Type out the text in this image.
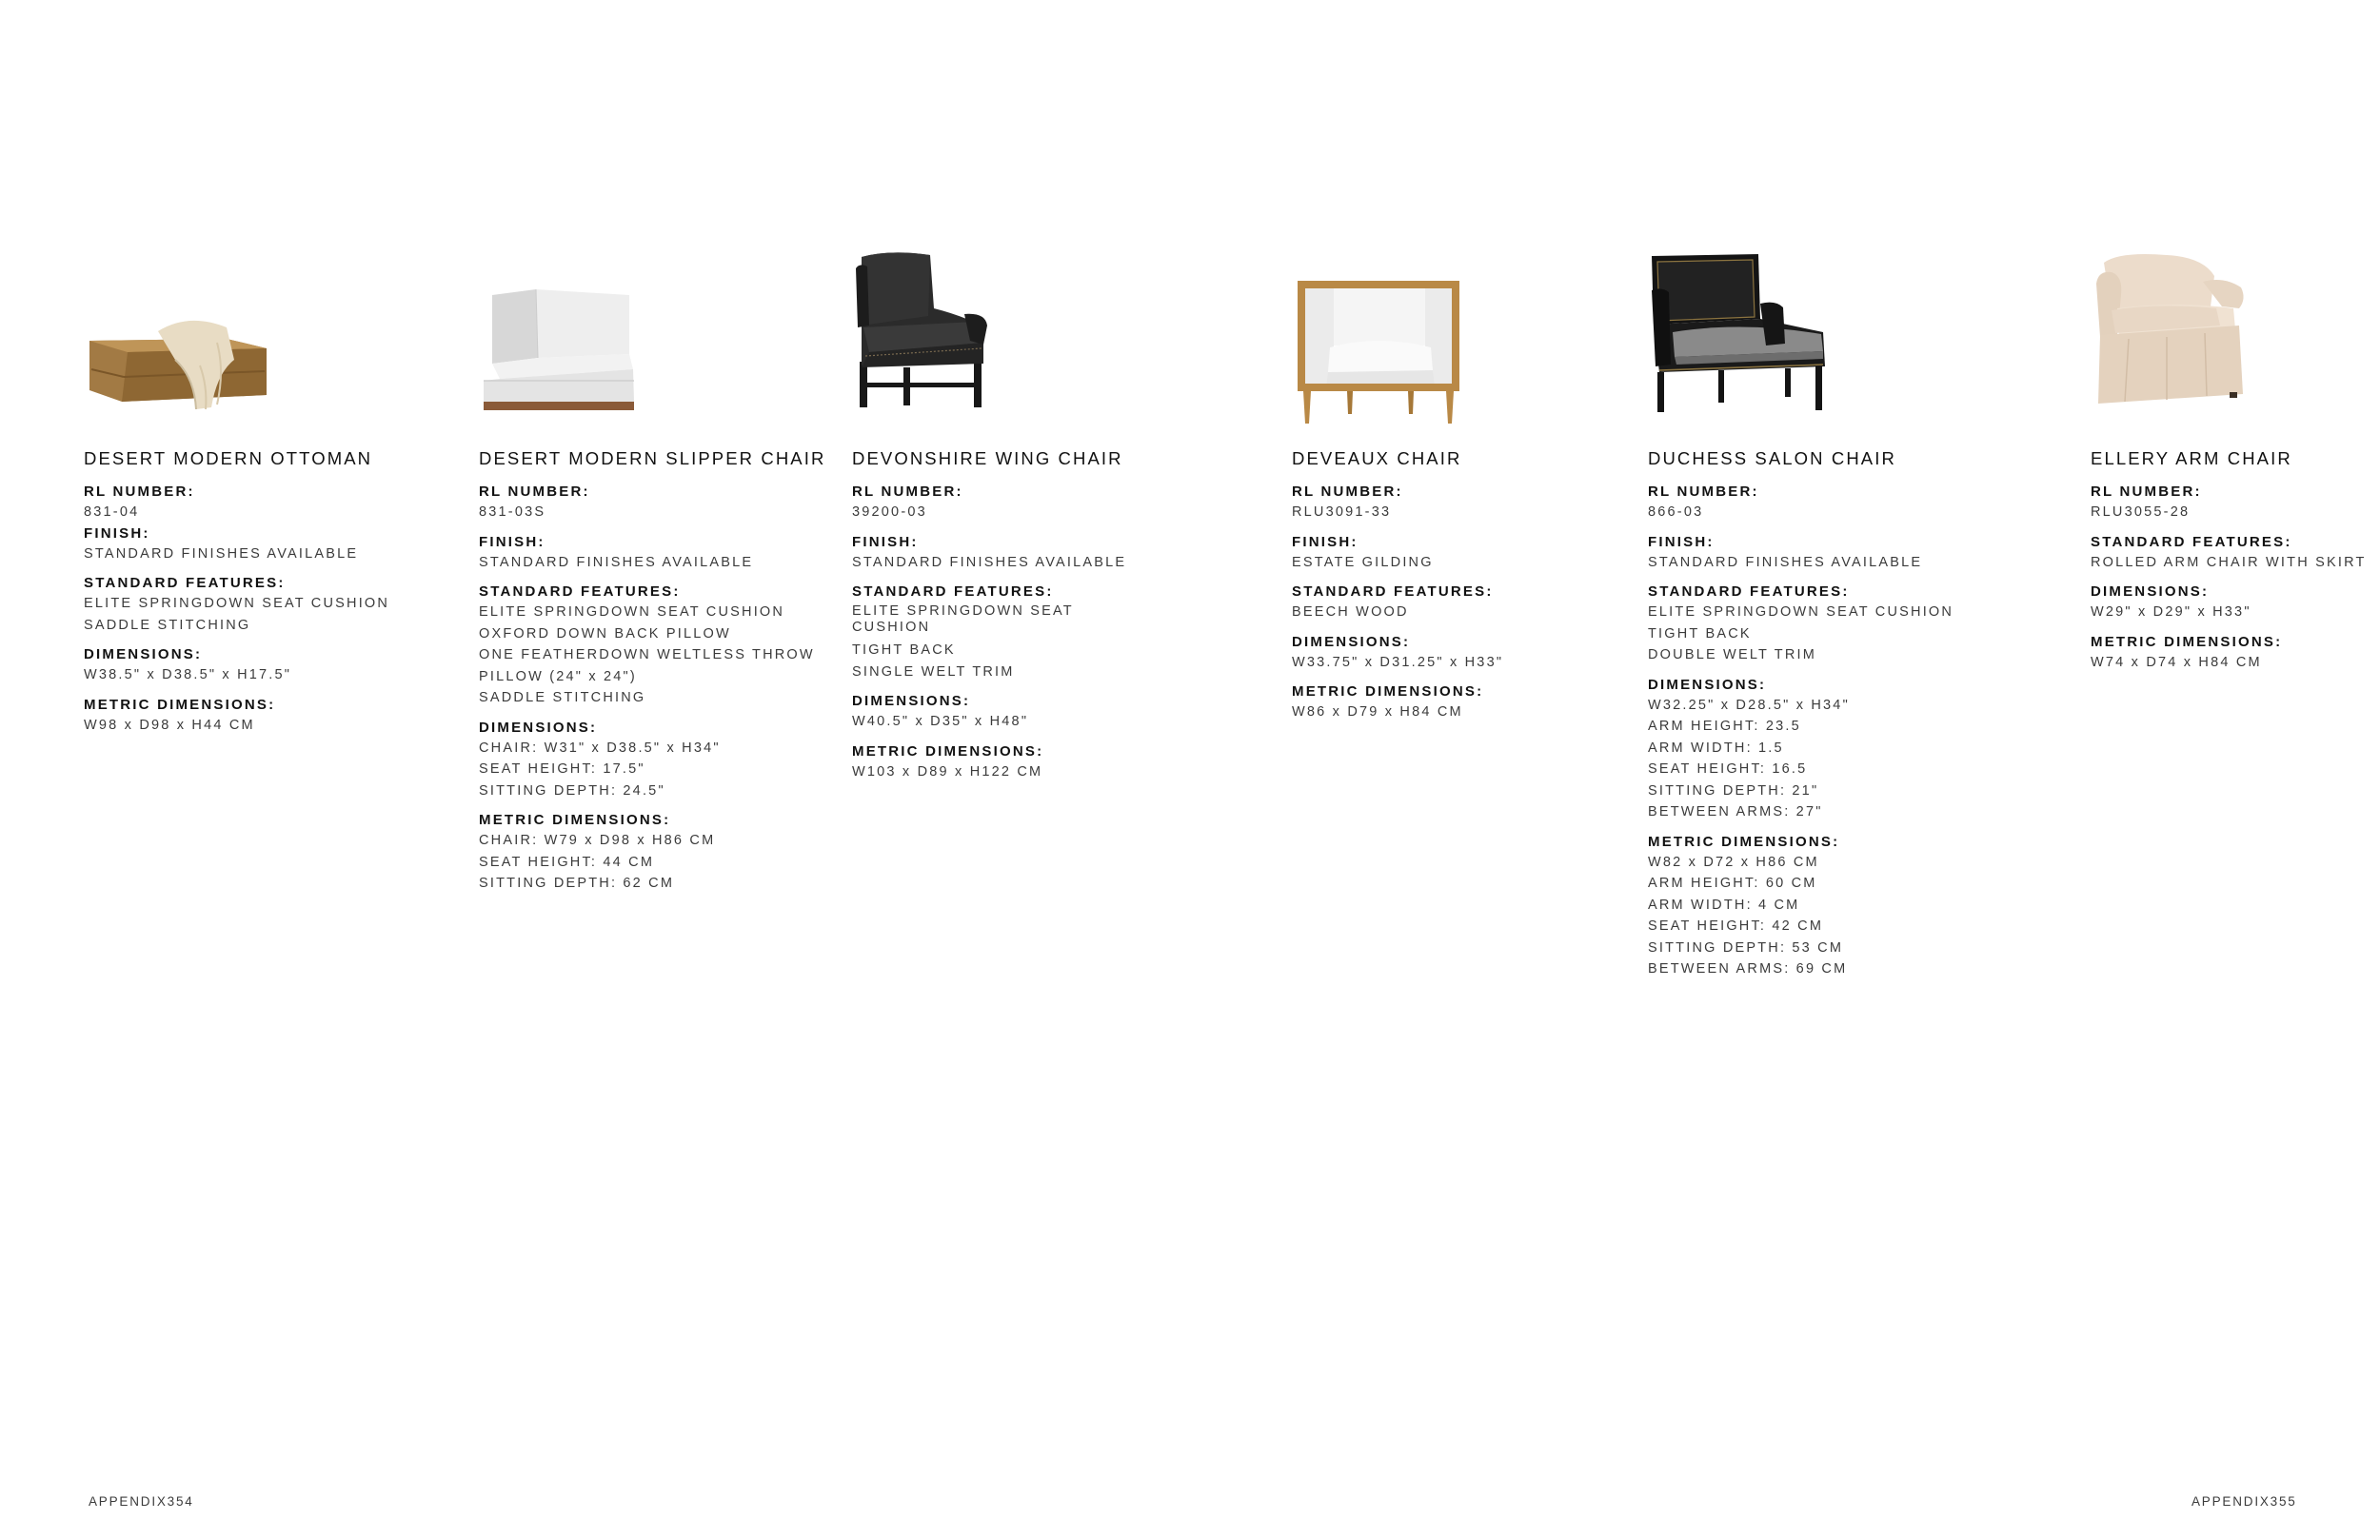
DESERT MODERN OTTOMAN
RL NUMBER:
831-04
FINISH:
STANDARD FINISHES AVAILABLE
STANDARD FEATURES:
ELITE SPRINGDOWN SEAT CUSHION
SADDLE STITCHING
DIMENSIONS:
W38.5" x D38.5" x H17.5"
METRIC DIMENSIONS:
W98 x D98 x H44 CM
DESERT MODERN SLIPPER CHAIR
RL NUMBER:
831-03S
FINISH:
STANDARD FINISHES AVAILABLE
STANDARD FEATURES:
ELITE SPRINGDOWN SEAT CUSHION
OXFORD DOWN BACK PILLOW
ONE FEATHERDOWN WELTLESS THROW
PILLOW (24" x 24")
SADDLE STITCHING
DIMENSIONS:
CHAIR: W31" x D38.5" x H34"
SEAT HEIGHT: 17.5"
SITTING DEPTH: 24.5"
METRIC DIMENSIONS:
CHAIR: W79 x D98 x H86 CM
SEAT HEIGHT: 44 CM
SITTING DEPTH: 62 CM
DEVONSHIRE WING CHAIR
RL NUMBER:
39200-03
FINISH:
STANDARD FINISHES AVAILABLE
STANDARD FEATURES:
ELITE SPRINGDOWN SEAT CUSHION
TIGHT BACK
SINGLE WELT TRIM
DIMENSIONS:
W40.5" x D35" x H48"
METRIC DIMENSIONS:
W103 x D89 x H122 CM
DEVEAUX CHAIR
RL NUMBER:
RLU3091-33
FINISH:
ESTATE GILDING
STANDARD FEATURES:
BEECH WOOD
DIMENSIONS:
W33.75" x D31.25" x H33"
METRIC DIMENSIONS:
W86 x D79 x H84 CM
DUCHESS SALON CHAIR
RL NUMBER:
866-03
FINISH:
STANDARD FINISHES AVAILABLE
STANDARD FEATURES:
ELITE SPRINGDOWN SEAT CUSHION
TIGHT BACK
DOUBLE WELT TRIM
DIMENSIONS:
W32.25" x D28.5" x H34"
ARM HEIGHT: 23.5
ARM WIDTH: 1.5
SEAT HEIGHT: 16.5
SITTING DEPTH: 21"
BETWEEN ARMS: 27"
METRIC DIMENSIONS:
W82 x D72 x H86 CM
ARM HEIGHT: 60 CM
ARM WIDTH: 4 CM
SEAT HEIGHT: 42 CM
SITTING DEPTH: 53 CM
BETWEEN ARMS: 69 CM
ELLERY ARM CHAIR
RL NUMBER:
RLU3055-28
STANDARD FEATURES:
ROLLED ARM CHAIR WITH SKIRT
DIMENSIONS:
W29" x D29" x H33"
METRIC DIMENSIONS:
W74 x D74 x H84 CM
APPENDIX354	APPENDIX355
